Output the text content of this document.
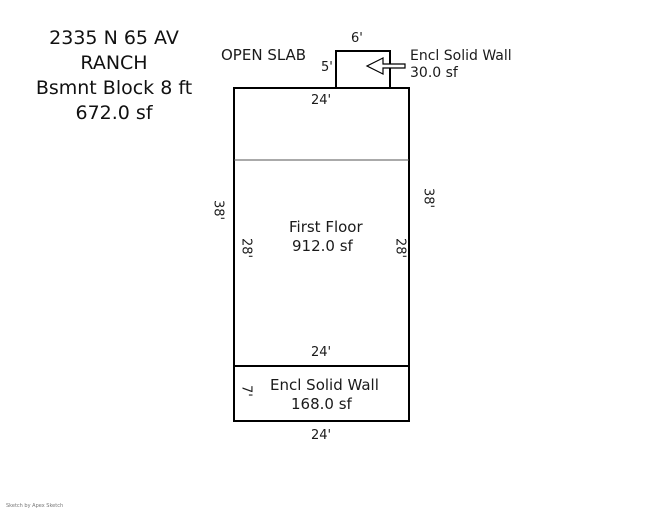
2335 N 65 AV
RANCH
Bsmnt Block 8 ft
672.0 sf
OPEN SLAB	Encl Solid Wall
30.0 sf
6'
5'
24'
24'
24'
38'
28'
38'
28'
7'
First Floor
912.0 sf
Encl Solid Wall
168.0 sf
Sketch by Apex Sketch
